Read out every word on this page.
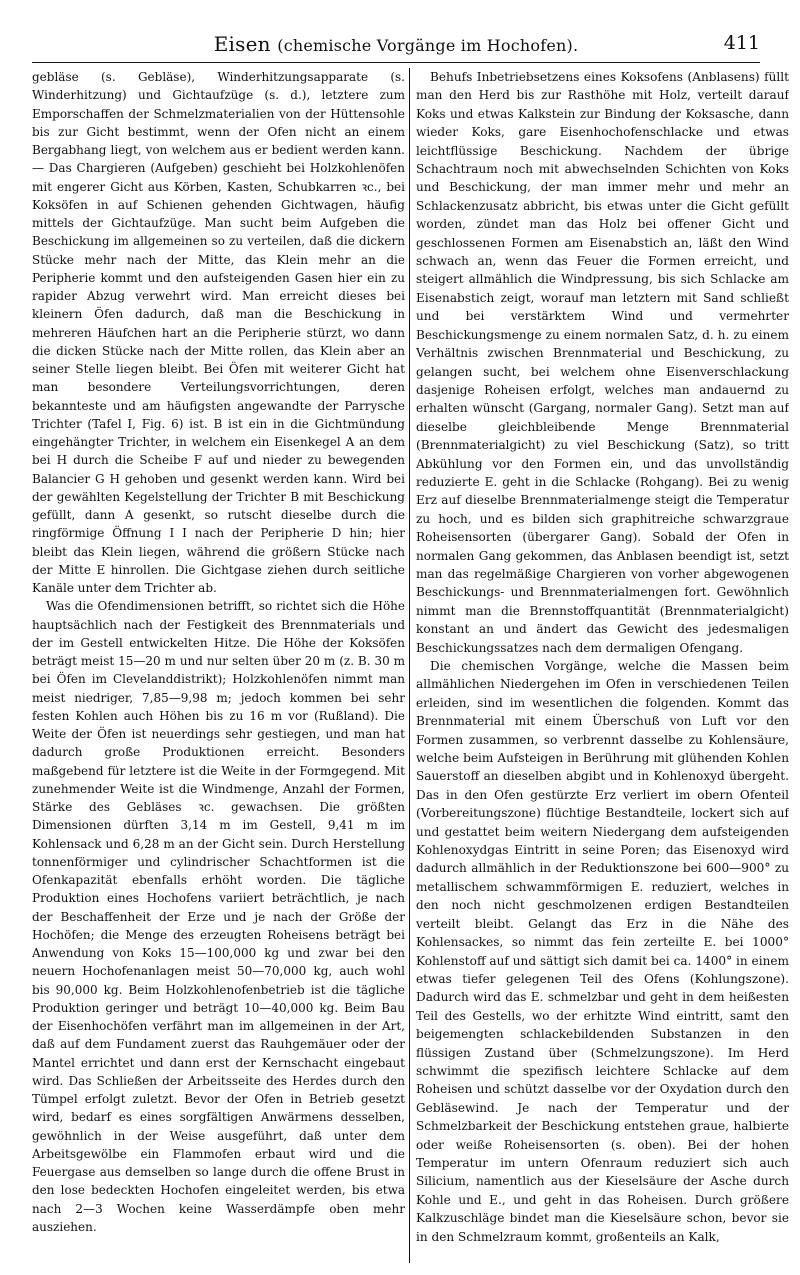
Eisen (chemische Vorgänge im Hochofen).	411

gebläse (s. Gebläse), Winderhitzungsapparate (s. Winderhitzung) und Gichtaufzüge (s. d.), letztere zum Emporschaffen der Schmelzmaterialien von der Hüttensohle bis zur Gicht bestimmt, wenn der Ofen nicht an einem Bergabhang liegt, von welchem aus er bedient werden kann. — Das Chargieren (Aufgeben) geschieht bei Holzkohlenöfen mit engerer Gicht aus Körben, Kasten, Schubkarren ꝛc., bei Koksöfen in auf Schienen gehenden Gichtwagen, häufig mittels der Gichtaufzüge. Man sucht beim Aufgeben die Beschickung im allgemeinen so zu verteilen, daß die dickern Stücke mehr nach der Mitte, das Klein mehr an die Peripherie kommt und den aufsteigenden Gasen hier ein zu rapider Abzug verwehrt wird. Man erreicht dieses bei kleinern Öfen dadurch, daß man die Beschickung in mehreren Häufchen hart an die Peripherie stürzt, wo dann die dicken Stücke nach der Mitte rollen, das Klein aber an seiner Stelle liegen bleibt. Bei Öfen mit weiterer Gicht hat man besondere Verteilungsvorrichtungen, deren bekannteste und am häufigsten angewandte der Parrysche Trichter (Tafel I, Fig. 6) ist. B ist ein in die Gichtmündung eingehängter Trichter, in welchem ein Eisenkegel A an dem bei H durch die Scheibe F auf und nieder zu bewegenden Balancier G H gehoben und gesenkt werden kann. Wird bei der gewählten Kegelstellung der Trichter B mit Beschickung gefüllt, dann A gesenkt, so rutscht dieselbe durch die ringförmige Öffnung I I nach der Peripherie D hin; hier bleibt das Klein liegen, während die größern Stücke nach der Mitte E hinrollen. Die Gichtgase ziehen durch seitliche Kanäle unter dem Trichter ab.

Was die Ofendimensionen betrifft, so richtet sich die Höhe hauptsächlich nach der Festigkeit des Brennmaterials und der im Gestell entwickelten Hitze. Die Höhe der Koksöfen beträgt meist 15—20 m und nur selten über 20 m (z. B. 30 m bei Öfen im Clevelanddistrikt); Holzkohlenöfen nimmt man meist niedriger, 7,85—9,98 m; jedoch kommen bei sehr festen Kohlen auch Höhen bis zu 16 m vor (Rußland). Die Weite der Öfen ist neuerdings sehr gestiegen, und man hat dadurch große Produktionen erreicht. Besonders maßgebend für letztere ist die Weite in der Formgegend. Mit zunehmender Weite ist die Windmenge, Anzahl der Formen, Stärke des Gebläses ꝛc. gewachsen. Die größten Dimensionen dürften 3,14 m im Gestell, 9,41 m im Kohlensack und 6,28 m an der Gicht sein. Durch Herstellung tonnenförmiger und cylindrischer Schachtformen ist die Ofenkapazität ebenfalls erhöht worden. Die tägliche Produktion eines Hochofens variiert beträchtlich, je nach der Beschaffenheit der Erze und je nach der Größe der Hochöfen; die Menge des erzeugten Roheisens beträgt bei Anwendung von Koks 15—100,000 kg und zwar bei den neuern Hochofenanlagen meist 50—70,000 kg, auch wohl bis 90,000 kg. Beim Holzkohlenofenbetrieb ist die tägliche Produktion geringer und beträgt 10—40,000 kg. Beim Bau der Eisenhochöfen verfährt man im allgemeinen in der Art, daß auf dem Fundament zuerst das Rauhgemäuer oder der Mantel errichtet und dann erst der Kernschacht eingebaut wird. Das Schließen der Arbeitsseite des Herdes durch den Tümpel erfolgt zuletzt. Bevor der Ofen in Betrieb gesetzt wird, bedarf es eines sorgfältigen Anwärmens desselben, gewöhnlich in der Weise ausgeführt, daß unter dem Arbeitsgewölbe ein Flammofen erbaut wird und die Feuergase aus demselben so lange durch die offene Brust in den lose bedeckten Hochofen eingeleitet werden, bis etwa nach 2—3 Wochen keine Wasserdämpfe oben mehr ausziehen.

Behufs Inbetriebsetzens eines Koksofens (Anblasens) füllt man den Herd bis zur Rasthöhe mit Holz, verteilt darauf Koks und etwas Kalkstein zur Bindung der Koksasche, dann wieder Koks, gare Eisenhochofenschlacke und etwas leichtflüssige Beschickung. Nachdem der übrige Schachtraum noch mit abwechselnden Schichten von Koks und Beschickung, der man immer mehr und mehr an Schlackenzusatz abbricht, bis etwas unter die Gicht gefüllt worden, zündet man das Holz bei offener Gicht und geschlossenen Formen am Eisenabstich an, läßt den Wind schwach an, wenn das Feuer die Formen erreicht, und steigert allmählich die Windpressung, bis sich Schlacke am Eisenabstich zeigt, worauf man letztern mit Sand schließt und bei verstärktem Wind und vermehrter Beschickungsmenge zu einem normalen Satz, d. h. zu einem Verhältnis zwischen Brennmaterial und Beschickung, zu gelangen sucht, bei welchem ohne Eisenverschlackung dasjenige Roheisen erfolgt, welches man andauernd zu erhalten wünscht (Gargang, normaler Gang). Setzt man auf dieselbe gleichbleibende Menge Brennmaterial (Brennmaterialgicht) zu viel Beschickung (Satz), so tritt Abkühlung vor den Formen ein, und das unvollständig reduzierte E. geht in die Schlacke (Rohgang). Bei zu wenig Erz auf dieselbe Brennmaterialmenge steigt die Temperatur zu hoch, und es bilden sich graphitreiche schwarzgraue Roheisensorten (übergarer Gang). Sobald der Ofen in normalen Gang gekommen, das Anblasen beendigt ist, setzt man das regelmäßige Chargieren von vorher abgewogenen Beschickungs- und Brennmaterialmengen fort. Gewöhnlich nimmt man die Brennstoffquantität (Brennmaterialgicht) konstant an und ändert das Gewicht des jedesmaligen Beschickungssatzes nach dem dermaligen Ofengang.

Die chemischen Vorgänge, welche die Massen beim allmählichen Niedergehen im Ofen in verschiedenen Teilen erleiden, sind im wesentlichen die folgenden. Kommt das Brennmaterial mit einem Überschuß von Luft vor den Formen zusammen, so verbrennt dasselbe zu Kohlensäure, welche beim Aufsteigen in Berührung mit glühenden Kohlen Sauerstoff an dieselben abgibt und in Kohlenoxyd übergeht. Das in den Ofen gestürzte Erz verliert im obern Ofenteil (Vorbereitungszone) flüchtige Bestandteile, lockert sich auf und gestattet beim weitern Niedergang dem aufsteigenden Kohlenoxydgas Eintritt in seine Poren; das Eisenoxyd wird dadurch allmählich in der Reduktionszone bei 600—900° zu metallischem schwammförmigen E. reduziert, welches in den noch nicht geschmolzenen erdigen Bestandteilen verteilt bleibt. Gelangt das Erz in die Nähe des Kohlensackes, so nimmt das fein zerteilte E. bei 1000° Kohlenstoff auf und sättigt sich damit bei ca. 1400° in einem etwas tiefer gelegenen Teil des Ofens (Kohlungszone). Dadurch wird das E. schmelzbar und geht in dem heißesten Teil des Gestells, wo der erhitzte Wind eintritt, samt den beigemengten schlackebildenden Substanzen in den flüssigen Zustand über (Schmelzungszone). Im Herd schwimmt die spezifisch leichtere Schlacke auf dem Roheisen und schützt dasselbe vor der Oxydation durch den Gebläsewind. Je nach der Temperatur und der Schmelzbarkeit der Beschickung entstehen graue, halbierte oder weiße Roheisensorten (s. oben). Bei der hohen Temperatur im untern Ofenraum reduziert sich auch Silicium, namentlich aus der Kieselsäure der Asche durch Kohle und E., und geht in das Roheisen. Durch größere Kalkzuschläge bindet man die Kieselsäure schon, bevor sie in den Schmelzraum kommt, großenteils an Kalk,
